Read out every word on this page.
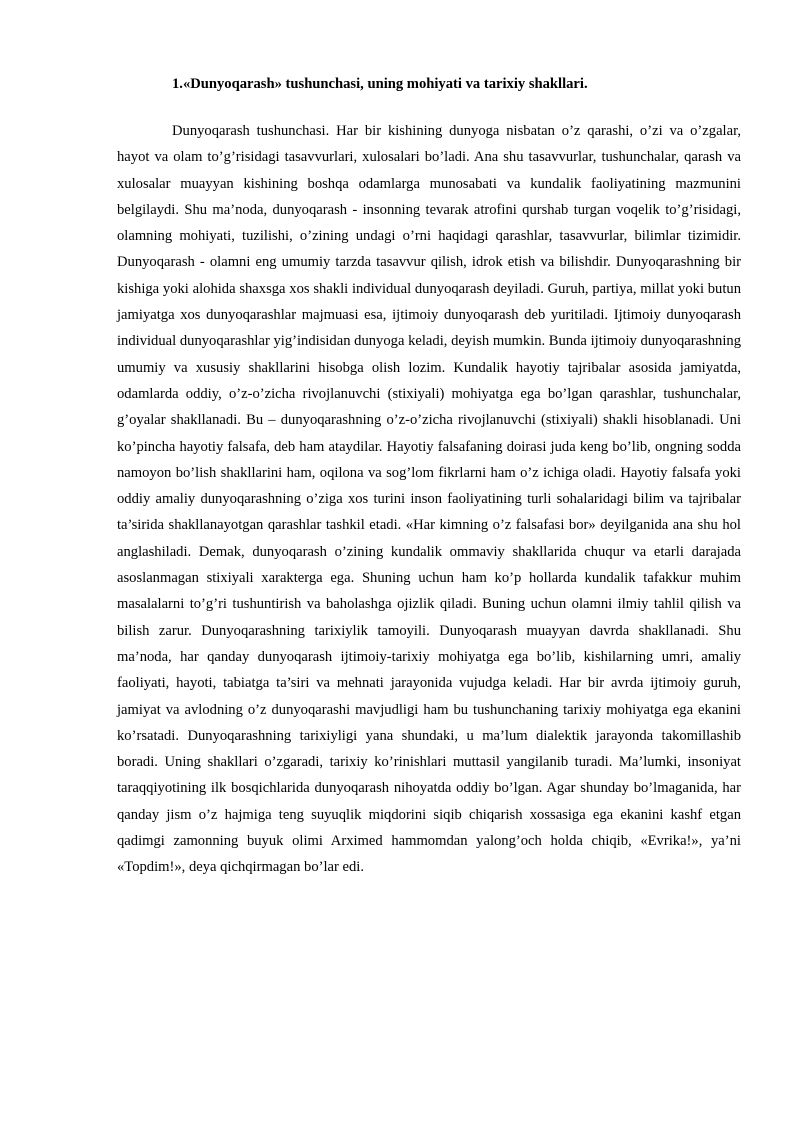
1.«Dunyoqarash» tushunchasi, uning mohiyati va tarixiy shakllari.

Dunyoqarash tushunchasi. Har bir kishining dunyoga nisbatan o’z qarashi, o’zi va o’zgalar, hayot va olam to’g’risidagi tasavvurlari, xulosalari bo’ladi. Ana shu tasavvurlar, tushunchalar, qarash va xulosalar muayyan kishining boshqa odamlarga munosabati va kundalik faoliyatining mazmunini belgilaydi. Shu ma’noda, dunyoqarash - insonning tevarak atrofini qurshab turgan voqelik to’g’risidagi, olamning mohiyati, tuzilishi, o’zining undagi o’rni haqidagi qarashlar, tasavvurlar, bilimlar tizimidir. Dunyoqarash - olamni eng umumiy tarzda tasavvur qilish, idrok etish va bilishdir. Dunyoqarashning bir kishiga yoki alohida shaxsga xos shakli individual dunyoqarash deyiladi. Guruh, partiya, millat yoki butun jamiyatga xos dunyoqarashlar majmuasi esa, ijtimoiy dunyoqarash deb yuritiladi. Ijtimoiy dunyoqarash individual dunyoqarashlar yig’indisidan dunyoga keladi, deyish mumkin. Bunda ijtimoiy dunyoqarashning umumiy va xususiy shakllarini hisobga olish lozim. Kundalik hayotiy tajribalar asosida jamiyatda, odamlarda oddiy, o’z-o’zicha rivojlanuvchi (stixiyali) mohiyatga ega bo’lgan qarashlar, tushunchalar, g’oyalar shakllanadi. Bu – dunyoqarashning o’z-o’zicha rivojlanuvchi (stixiyali) shakli hisoblanadi. Uni ko’pincha hayotiy falsafa, deb ham ataydilar. Hayotiy falsafaning doirasi juda keng bo’lib, ongning sodda namoyon bo’lish shakllarini ham, oqilona va sog’lom fikrlarni ham o’z ichiga oladi. Hayotiy falsafa yoki oddiy amaliy dunyoqarashning o’ziga xos turini inson faoliyatining turli sohalaridagi bilim va tajribalar ta’sirida shakllanayotgan qarashlar tashkil etadi. «Har kimning o’z falsafasi bor» deyilganida ana shu hol anglashiladi. Demak, dunyoqarash o’zining kundalik ommaviy shakllarida chuqur va etarli darajada asoslanmagan stixiyali xarakterga ega. Shuning uchun ham ko’p hollarda kundalik tafakkur muhim masalalarni to’g’ri tushuntirish va baholashga ojizlik qiladi. Buning uchun olamni ilmiy tahlil qilish va bilish zarur. Dunyoqarashning tarixiylik tamoyili. Dunyoqarash muayyan davrda shakllanadi. Shu ma’noda, har qanday dunyoqarash ijtimoiy-tarixiy mohiyatga ega bo’lib, kishilarning umri, amaliy faoliyati, hayoti, tabiatga ta’siri va mehnati jarayonida vujudga keladi. Har bir avrda ijtimoiy guruh, jamiyat va avlodning o’z dunyoqarashi mavjudligi ham bu tushunchaning tarixiy mohiyatga ega ekanini ko’rsatadi. Dunyoqarashning tarixiyligi yana shundaki, u ma’lum dialektik jarayonda takomillashib boradi. Uning shakllari o’zgaradi, tarixiy ko’rinishlari muttasil yangilanib turadi. Ma’lumki, insoniyat taraqqiyotining ilk bosqichlarida dunyoqarash nihoyatda oddiy bo’lgan. Agar shunday bo’lmaganida, har qanday jism o’z hajmiga teng suyuqlik miqdorini siqib chiqarish xossasiga ega ekanini kashf etgan qadimgi zamonning buyuk olimi Arximed hammomdan yalong’och holda chiqib, «Evrika!», ya’ni «Topdim!», deya qichqirmagan bo’lar edi.
